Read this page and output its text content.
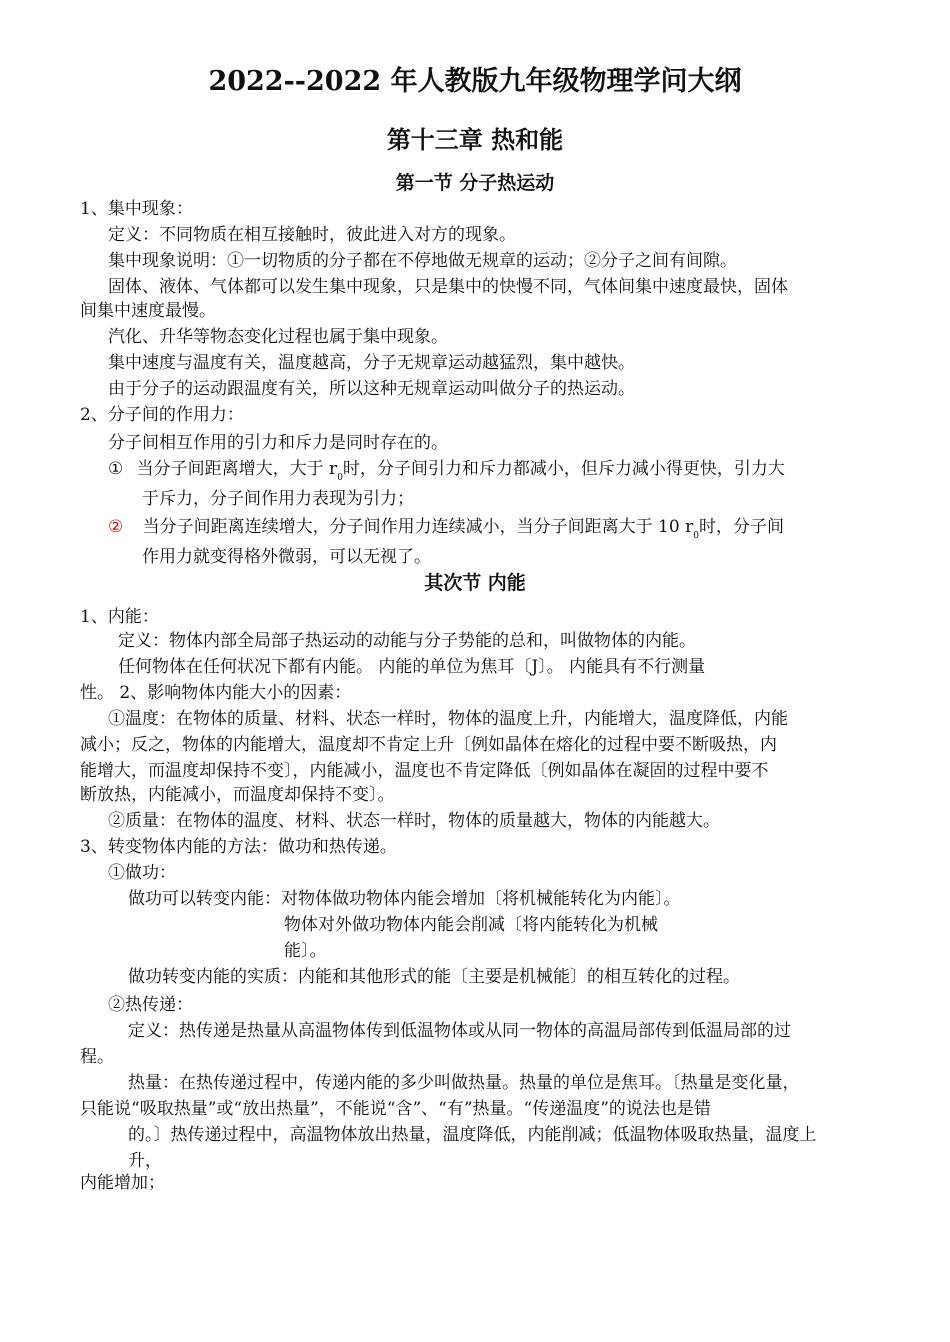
2022--2022 年人教版九年级物理学问大纲
第十三章 热和能
第一节 分子热运动
1、集中现象：
定义：不同物质在相互接触时，彼此进入对方的现象。
集中现象说明：①一切物质的分子都在不停地做无规章的运动；②分子之间有间隙。
固体、液体、气体都可以发生集中现象，只是集中的快慢不同，气体间集中速度最快，固体
间集中速度最慢。
汽化、升华等物态变化过程也属于集中现象。
集中速度与温度有关，温度越高，分子无规章运动越猛烈，集中越快。
由于分子的运动跟温度有关，所以这种无规章运动叫做分子的热运动。
2、分子间的作用力：
分子间相互作用的引力和斥力是同时存在的。
① 当分子间距离增大，大于 $r_0$时，分子间引力和斥力都减小，但斥力减小得更快，引力大
于斥力，分子间作用力表现为引力；
② 当分子间距离连续增大，分子间作用力连续减小，当分子间距离大于 10 $r_0$时，分子间
作用力就变得格外微弱，可以无视了。
其次节 内能
1、内能：
定义：物体内部全局部子热运动的动能与分子势能的总和，叫做物体的内能。
任何物体在任何状况下都有内能。 内能的单位为焦耳〔J〕。 内能具有不行测量
性。 2、影响物体内能大小的因素：
①温度：在物体的质量、材料、状态一样时，物体的温度上升，内能增大，温度降低，内能
减小；反之，物体的内能增大，温度却不肯定上升〔例如晶体在熔化的过程中要不断吸热，内
能增大，而温度却保持不变〕，内能减小，温度也不肯定降低〔例如晶体在凝固的过程中要不
断放热，内能减小，而温度却保持不变〕。
②质量：在物体的温度、材料、状态一样时，物体的质量越大，物体的内能越大。
3、转变物体内能的方法：做功和热传递。
①做功：
做功可以转变内能：对物体做功物体内能会增加〔将机械能转化为内能〕。
物体对外做功物体内能会削减〔将内能转化为机械
能〕。
做功转变内能的实质：内能和其他形式的能〔主要是机械能〕的相互转化的过程。
②热传递：
定义：热传递是热量从高温物体传到低温物体或从同一物体的高温局部传到低温局部的过
程。
热量：在热传递过程中，传递内能的多少叫做热量。热量的单位是焦耳。〔热量是变化量，
只能说“吸取热量”或“放出热量”，不能说“含”、“有”热量。“传递温度”的说法也是错
的。〕热传递过程中，高温物体放出热量，温度降低，内能削减；低温物体吸取热量，温度上
升，
内能增加；
